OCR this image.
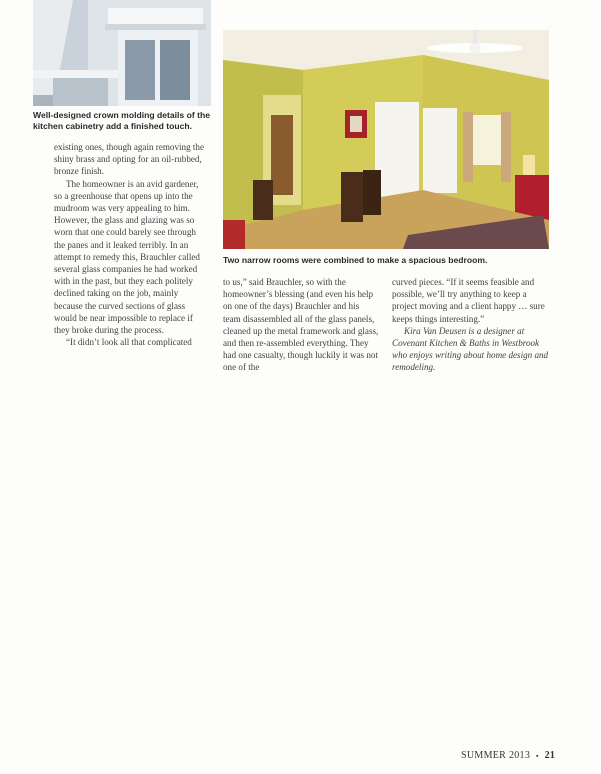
Well-designed crown molding details of the kitchen cabinetry add a finished touch.
Two narrow rooms were combined to make a spacious bedroom.

existing ones, though again removing the shiny brass and opting for an oil-rubbed, bronze finish.

The homeowner is an avid gardener, so a greenhouse that opens up into the mudroom was very appealing to him. However, the glass and glazing was so worn that one could barely see through the panes and it leaked terribly. In an attempt to remedy this, Brauchler called several glass companies he had worked with in the past, but they each politely declined taking on the job, mainly because the curved sections of glass would be near impossible to replace if they broke during the process.

“It didn’t look all that complicated

to us,” said Brauchler, so with the homeowner’s blessing (and even his help on one of the days) Brauchler and his team disassembled all of the glass panels, cleaned up the metal framework and glass, and then re-assembled everything. They had one casualty, though luckily it was not one of the

curved pieces. “If it seems feasible and possible, we’ll try anything to keep a project moving and a client happy … sure keeps things interesting.”

Kira Van Deusen is a designer at Covenant Kitchen & Baths in Westbrook who enjoys writing about home design and remodeling.

SUMMER 2013 ▪ 21
